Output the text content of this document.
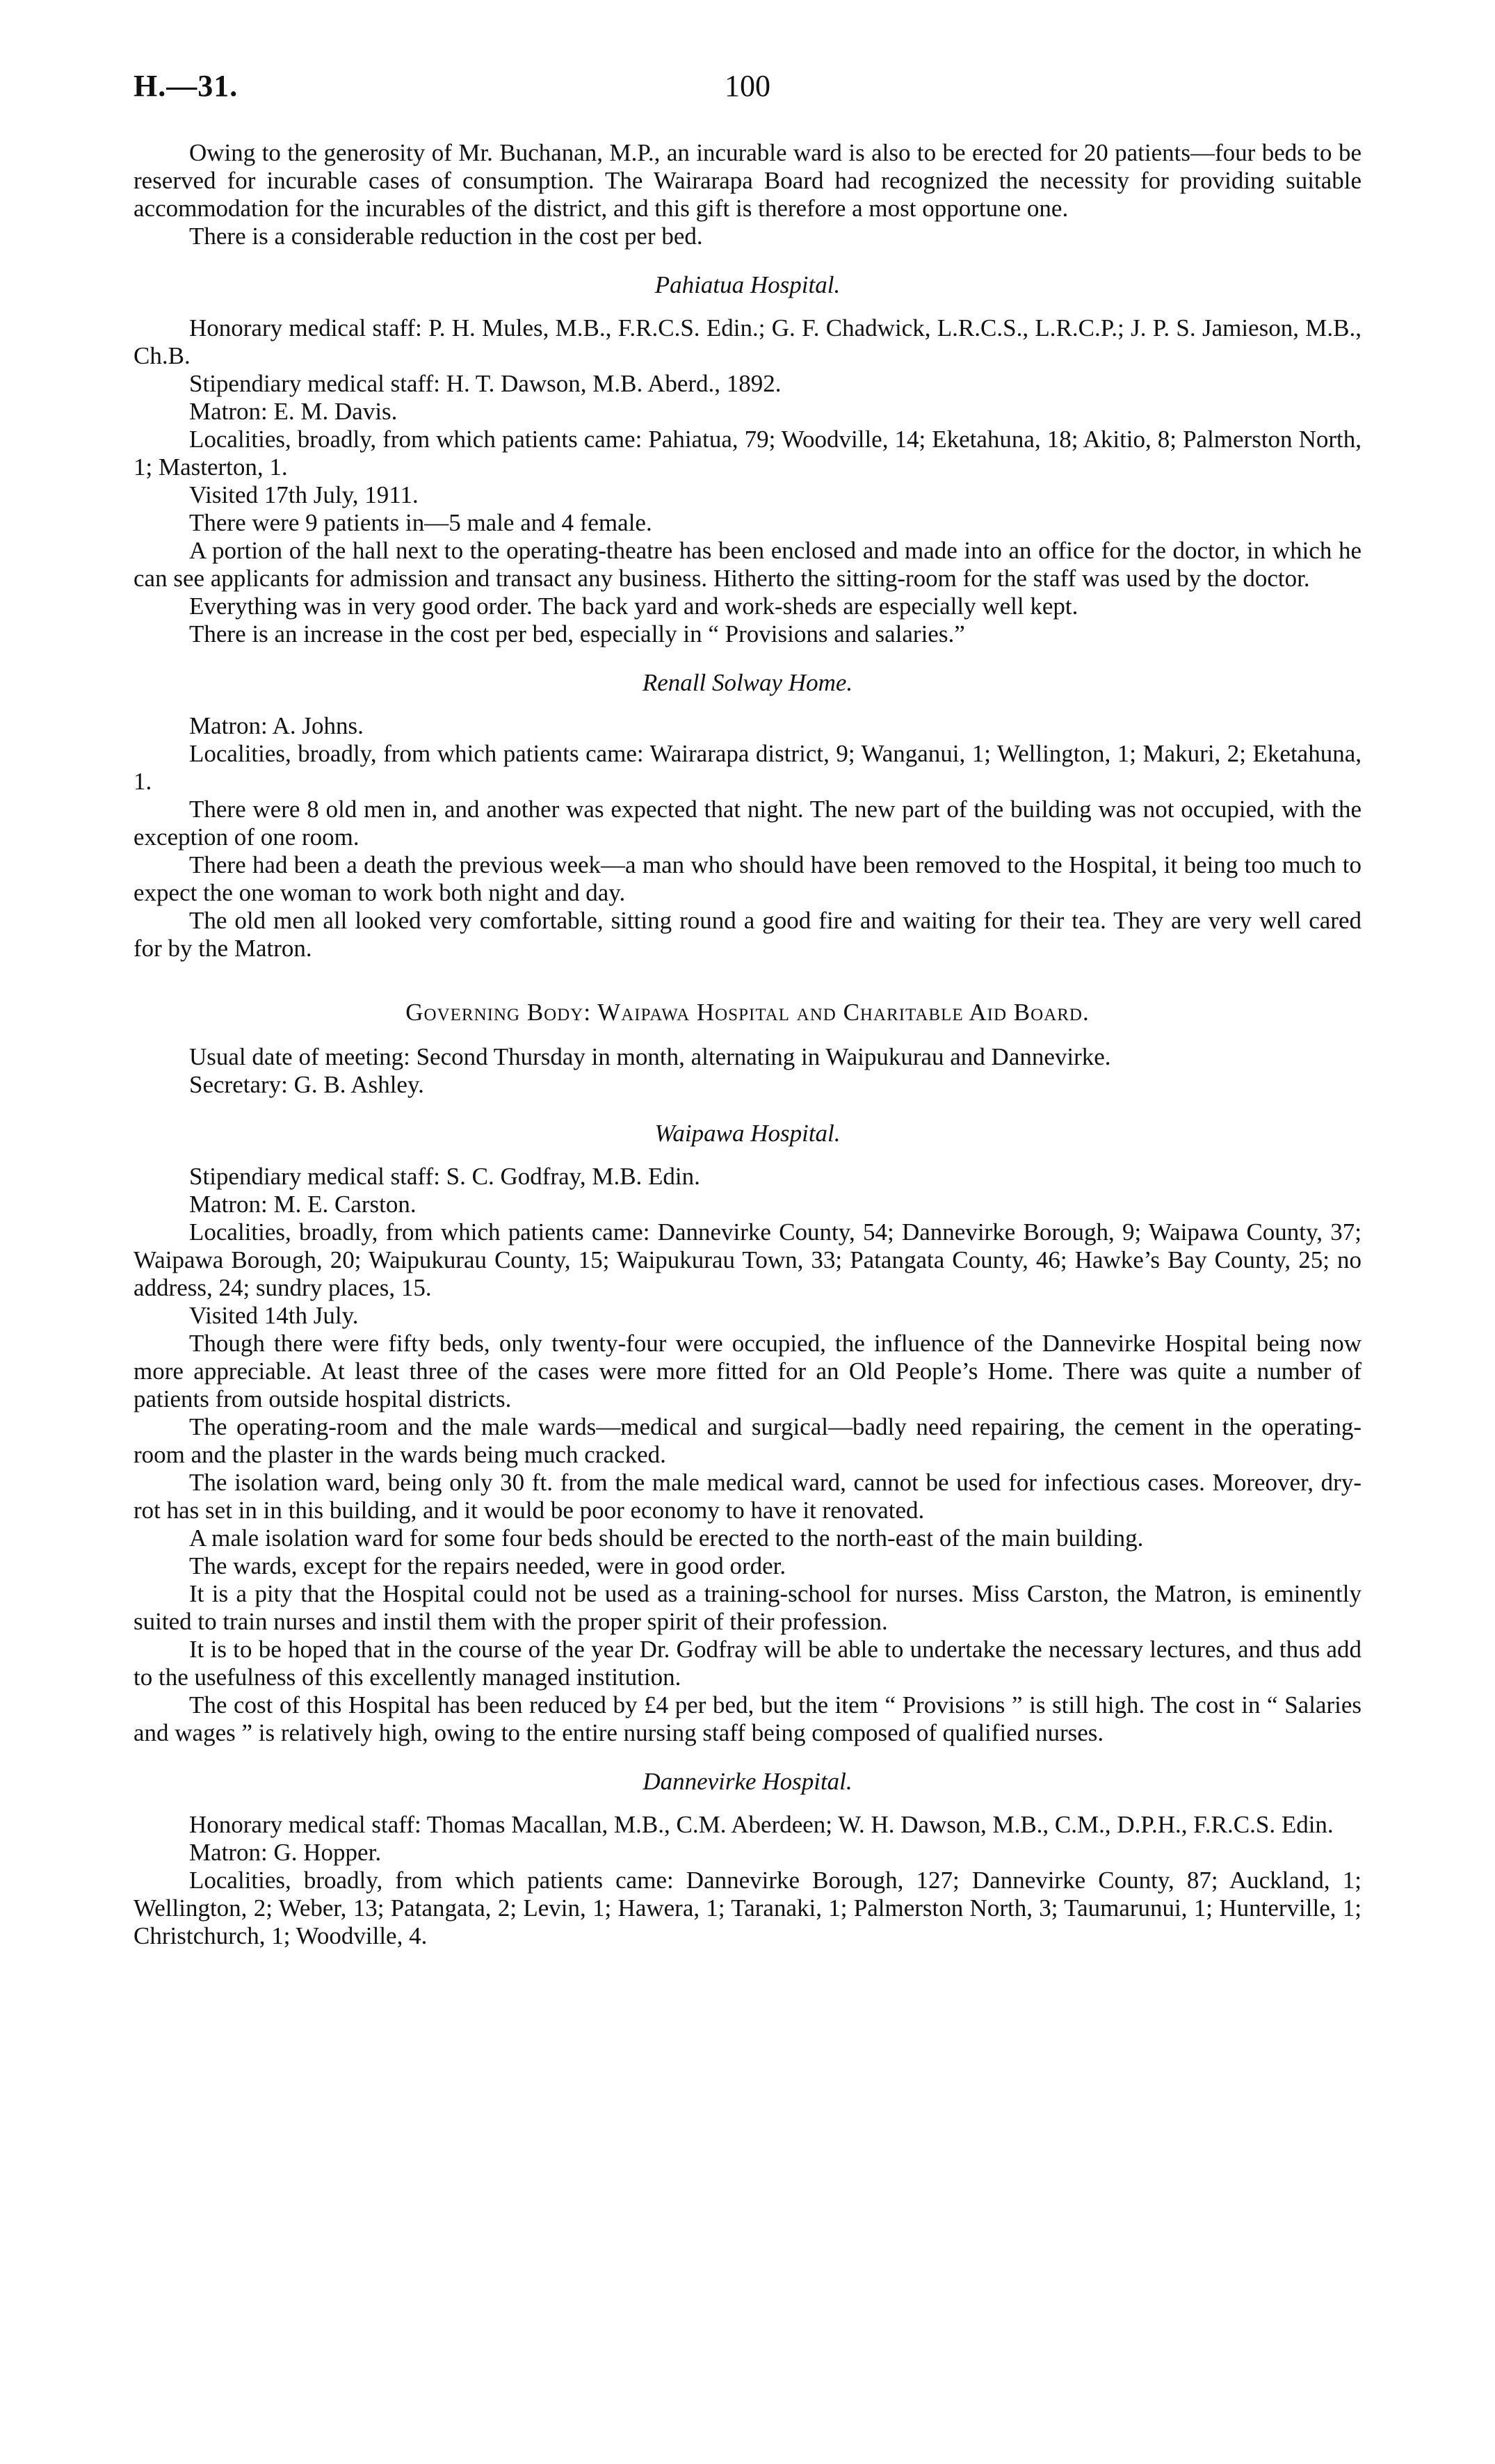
H.—31.	100

Owing to the generosity of Mr. Buchanan, M.P., an incurable ward is also to be erected for 20 patients—four beds to be reserved for incurable cases of consumption. The Wairarapa Board had recognized the necessity for providing suitable accommodation for the incurables of the district, and this gift is therefore a most opportune one.

There is a considerable reduction in the cost per bed.

Pahiatua Hospital.

Honorary medical staff: P. H. Mules, M.B., F.R.C.S. Edin.; G. F. Chadwick, L.R.C.S., L.R.C.P.; J. P. S. Jamieson, M.B., Ch.B.

Stipendiary medical staff: H. T. Dawson, M.B. Aberd., 1892.

Matron: E. M. Davis.

Localities, broadly, from which patients came: Pahiatua, 79; Woodville, 14; Eketahuna, 18; Akitio, 8; Palmerston North, 1; Masterton, 1.

Visited 17th July, 1911.

There were 9 patients in—5 male and 4 female.

A portion of the hall next to the operating-theatre has been enclosed and made into an office for the doctor, in which he can see applicants for admission and transact any business. Hitherto the sitting-room for the staff was used by the doctor.

Everything was in very good order. The back yard and work-sheds are especially well kept.

There is an increase in the cost per bed, especially in “ Provisions and salaries.”

Renall Solway Home.

Matron: A. Johns.

Localities, broadly, from which patients came: Wairarapa district, 9; Wanganui, 1; Wellington, 1; Makuri, 2; Eketahuna, 1.

There were 8 old men in, and another was expected that night. The new part of the building was not occupied, with the exception of one room.

There had been a death the previous week—a man who should have been removed to the Hospital, it being too much to expect the one woman to work both night and day.

The old men all looked very comfortable, sitting round a good fire and waiting for their tea. They are very well cared for by the Matron.

Governing Body: Waipawa Hospital and Charitable Aid Board.

Usual date of meeting: Second Thursday in month, alternating in Waipukurau and Dannevirke.

Secretary: G. B. Ashley.

Waipawa Hospital.

Stipendiary medical staff: S. C. Godfray, M.B. Edin.

Matron: M. E. Carston.

Localities, broadly, from which patients came: Dannevirke County, 54; Dannevirke Borough, 9; Waipawa County, 37; Waipawa Borough, 20; Waipukurau County, 15; Waipukurau Town, 33; Patangata County, 46; Hawke’s Bay County, 25; no address, 24; sundry places, 15.

Visited 14th July.

Though there were fifty beds, only twenty-four were occupied, the influence of the Dannevirke Hospital being now more appreciable. At least three of the cases were more fitted for an Old People’s Home. There was quite a number of patients from outside hospital districts.

The operating-room and the male wards—medical and surgical—badly need repairing, the cement in the operating-room and the plaster in the wards being much cracked.

The isolation ward, being only 30 ft. from the male medical ward, cannot be used for infectious cases. Moreover, dry-rot has set in in this building, and it would be poor economy to have it renovated.

A male isolation ward for some four beds should be erected to the north-east of the main building.

The wards, except for the repairs needed, were in good order.

It is a pity that the Hospital could not be used as a training-school for nurses. Miss Carston, the Matron, is eminently suited to train nurses and instil them with the proper spirit of their profession.

It is to be hoped that in the course of the year Dr. Godfray will be able to undertake the necessary lectures, and thus add to the usefulness of this excellently managed institution.

The cost of this Hospital has been reduced by £4 per bed, but the item “ Provisions ” is still high. The cost in “ Salaries and wages ” is relatively high, owing to the entire nursing staff being composed of qualified nurses.

Dannevirke Hospital.

Honorary medical staff: Thomas Macallan, M.B., C.M. Aberdeen; W. H. Dawson, M.B., C.M., D.P.H., F.R.C.S. Edin.

Matron: G. Hopper.

Localities, broadly, from which patients came: Dannevirke Borough, 127; Dannevirke County, 87; Auckland, 1; Wellington, 2; Weber, 13; Patangata, 2; Levin, 1; Hawera, 1; Taranaki, 1; Palmerston North, 3; Taumarunui, 1; Hunterville, 1; Christchurch, 1; Woodville, 4.
